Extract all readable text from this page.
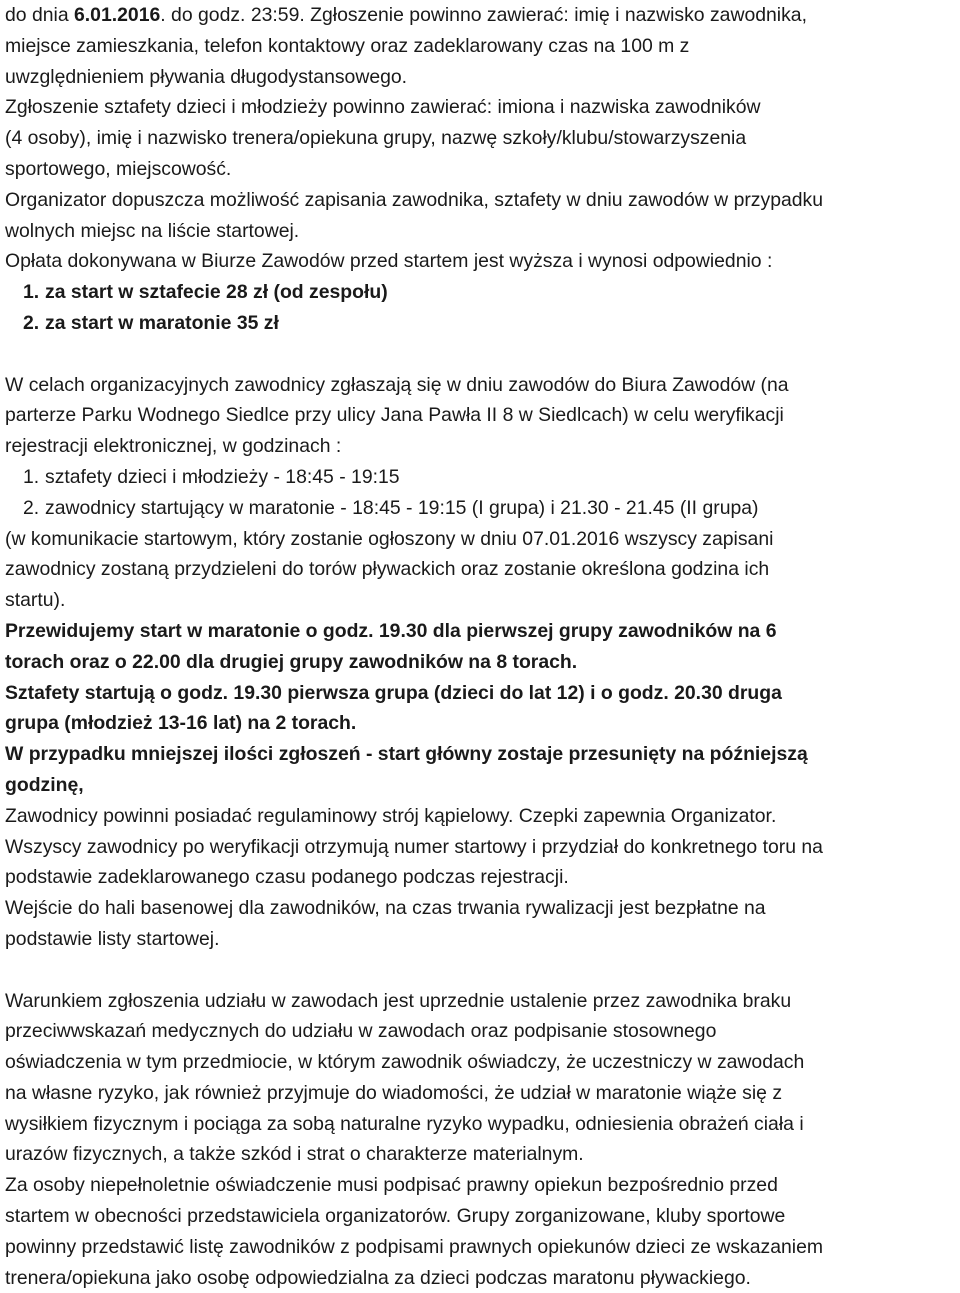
do dnia 6.01.2016. do godz. 23:59. Zgłoszenie powinno zawierać: imię i nazwisko zawodnika,
miejsce zamieszkania, telefon kontaktowy oraz zadeklarowany czas na 100 m z
uwzględnieniem pływania długodystansowego.
Zgłoszenie sztafety dzieci i młodzieży powinno zawierać: imiona i nazwiska zawodników
(4 osoby), imię i nazwisko trenera/opiekuna grupy, nazwę szkoły/klubu/stowarzyszenia
sportowego, miejscowość.
Organizator dopuszcza możliwość zapisania zawodnika, sztafety w dniu zawodów w przypadku
wolnych miejsc na liście startowej.
Opłata dokonywana w Biurze Zawodów przed startem jest wyższa i wynosi odpowiednio :
1. za start w sztafecie 28 zł (od zespołu)
2. za start w maratonie 35 zł
W celach organizacyjnych zawodnicy zgłaszają się w dniu zawodów do Biura Zawodów (na
parterze Parku Wodnego Siedlce przy ulicy Jana Pawła II 8 w Siedlcach) w celu weryfikacji
rejestracji elektronicznej, w godzinach :
1. sztafety dzieci i młodzieży - 18:45 - 19:15
2. zawodnicy startujący w maratonie - 18:45 - 19:15 (I grupa) i 21.30 - 21.45 (II grupa)
(w komunikacie startowym, który zostanie ogłoszony w dniu 07.01.2016 wszyscy zapisani
zawodnicy zostaną przydzieleni do torów pływackich oraz zostanie określona godzina ich
startu).
Przewidujemy start w maratonie o godz. 19.30 dla pierwszej grupy zawodników na 6
torach oraz o 22.00 dla drugiej grupy zawodników na 8 torach.
Sztafety startują o godz. 19.30 pierwsza grupa (dzieci do lat 12) i o godz. 20.30 druga
grupa (młodzież 13-16 lat) na 2 torach.
W przypadku mniejszej ilości zgłoszeń - start główny zostaje przesunięty na późniejszą
godzinę,
Zawodnicy powinni posiadać regulaminowy strój kąpielowy. Czepki zapewnia Organizator.
Wszyscy zawodnicy po weryfikacji otrzymują numer startowy i przydział do konkretnego toru na
podstawie zadeklarowanego czasu podanego podczas rejestracji.
Wejście do hali basenowej dla zawodników, na czas trwania rywalizacji jest bezpłatne na
podstawie listy startowej.
Warunkiem zgłoszenia udziału w zawodach jest uprzednie ustalenie przez zawodnika braku
przeciwwskazań medycznych do udziału w zawodach oraz podpisanie stosownego
oświadczenia w tym przedmiocie, w którym zawodnik oświadczy, że uczestniczy w zawodach
na własne ryzyko, jak również przyjmuje do wiadomości, że udział w maratonie wiąże się z
wysiłkiem fizycznym i pociąga za sobą naturalne ryzyko wypadku, odniesienia obrażeń ciała i
urazów fizycznych, a także szkód i strat o charakterze materialnym.
Za osoby niepełnoletnie oświadczenie musi podpisać prawny opiekun bezpośrednio przed
startem w obecności przedstawiciela organizatorów. Grupy zorganizowane, kluby sportowe
powinny przedstawić listę zawodników z podpisami prawnych opiekunów dzieci ze wskazaniem
trenera/opiekuna jako osobę odpowiedzialna za dzieci podczas maratonu pływackiego.
